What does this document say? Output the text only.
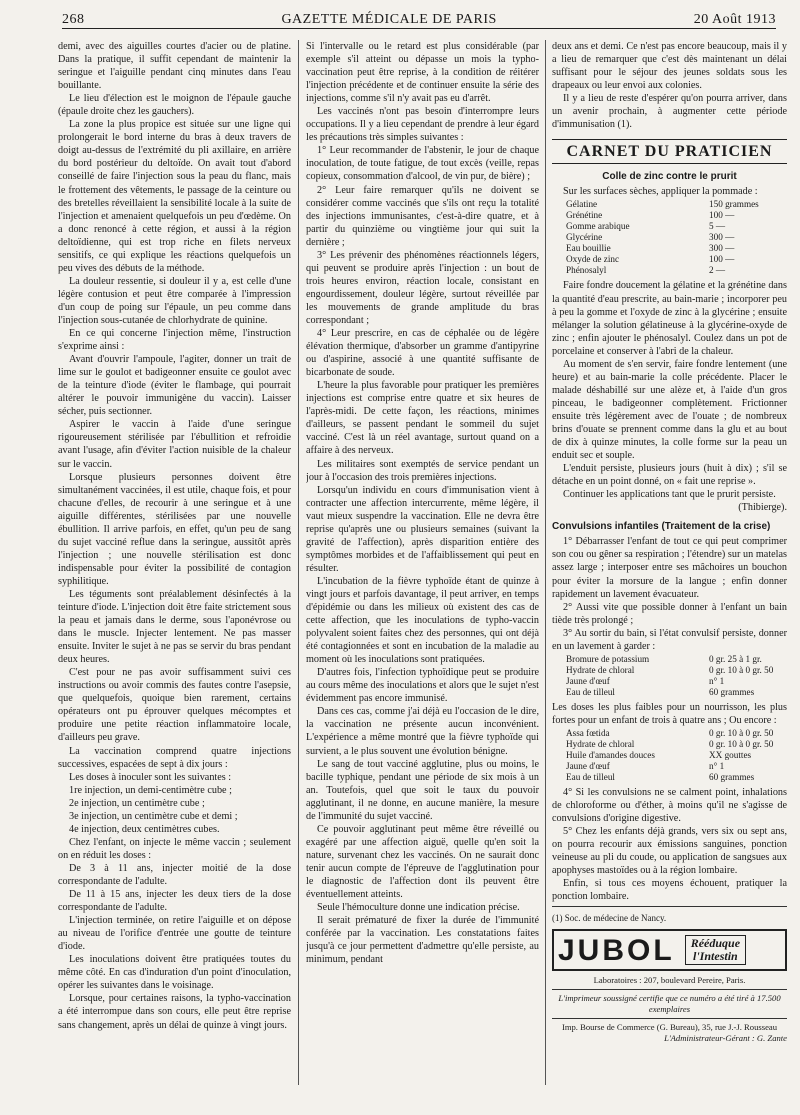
268	GAZETTE MÉDICALE DE PARIS	20 Août 1913

demi, avec des aiguilles courtes d'acier ou de platine. Dans la pratique, il suffit cependant de maintenir la seringue et l'aiguille pendant cinq minutes dans l'eau bouillante.

Le lieu d'élection est le moignon de l'épaule gauche (épaule droite chez les gauchers).

La zone la plus propice est située sur une ligne qui prolongerait le bord interne du bras à deux travers de doigt au-dessus de l'extrémité du pli axillaire, en arrière du bord postérieur du deltoïde. On avait tout d'abord conseillé de faire l'injection sous la peau du flanc, mais le frottement des vêtements, le passage de la ceinture ou des bretelles réveillaient la sensibilité locale à la suite de l'injection et amenaient quelquefois un peu d'œdème. On a donc renoncé à cette région, et aussi à la région deltoïdienne, qui est trop riche en filets nerveux sensitifs, ce qui explique les réactions quelquefois un peu vives des débuts de la méthode.

La douleur ressentie, si douleur il y a, est celle d'une légère contusion et peut être comparée à l'impression d'un coup de poing sur l'épaule, un peu comme dans l'injection sous-cutanée de chlorhydrate de quinine.

En ce qui concerne l'injection même, l'instruction s'exprime ainsi :

Avant d'ouvrir l'ampoule, l'agiter, donner un trait de lime sur le goulot et badigeonner ensuite ce goulot avec de la teinture d'iode (éviter le flambage, qui pourrait altérer le pouvoir immunigène du vaccin). Laisser sécher, puis sectionner.

Aspirer le vaccin à l'aide d'une seringue rigoureusement stérilisée par l'ébullition et refroidie avant l'usage, afin d'éviter l'action nuisible de la chaleur sur le vaccin.

Lorsque plusieurs personnes doivent être simultanément vaccinées, il est utile, chaque fois, et pour chacune d'elles, de recourir à une seringue et à une aiguille différentes, stérilisées par une nouvelle ébullition. Il arrive parfois, en effet, qu'un peu de sang du sujet vacciné reflue dans la seringue, aussitôt après l'injection ; une nouvelle stérilisation est donc indispensable pour éviter la possibilité de contagion syphilitique.

Les téguments sont préalablement désinfectés à la teinture d'iode. L'injection doit être faite strictement sous la peau et jamais dans le derme, sous l'aponévrose ou dans le muscle. Injecter lentement. Ne pas masser ensuite. Inviter le sujet à ne pas se servir du bras pendant deux heures.

C'est pour ne pas avoir suffisamment suivi ces instructions ou avoir commis des fautes contre l'asepsie, que quelquefois, quoique bien rarement, certains opérateurs ont pu éprouver quelques mécomptes et produire une petite réaction inflammatoire locale, d'ailleurs peu grave.

La vaccination comprend quatre injections successives, espacées de sept à dix jours :

Les doses à inoculer sont les suivantes :

1re injection, un demi-centimètre cube ;

2e injection, un centimètre cube ;

3e injection, un centimètre cube et demi ;

4e injection, deux centimètres cubes.

Chez l'enfant, on injecte le même vaccin ; seulement on en réduit les doses :

De 3 à 11 ans, injecter moitié de la dose correspondante de l'adulte.

De 11 à 15 ans, injecter les deux tiers de la dose correspondante de l'adulte.

L'injection terminée, on retire l'aiguille et on dépose au niveau de l'orifice d'entrée une goutte de teinture d'iode.

Les inoculations doivent être pratiquées toutes du même côté. En cas d'induration d'un point d'inoculation, opérer les suivantes dans le voisinage.

Lorsque, pour certaines raisons, la typho-vaccination a été interrompue dans son cours, elle peut être reprise sans changement, après un délai de quinze à vingt jours.

Si l'intervalle ou le retard est plus considérable (par exemple s'il atteint ou dépasse un mois la typho-vaccination peut être reprise, à la condition de réitérer l'injection précédente et de continuer ensuite la série des injections, comme s'il n'y avait pas eu d'arrêt.

Les vaccinés n'ont pas besoin d'interrompre leurs occupations. Il y a lieu cependant de prendre à leur égard les précautions très simples suivantes :

1° Leur recommander de l'abstenir, le jour de chaque inoculation, de toute fatigue, de tout excès (veille, repas copieux, consommation d'alcool, de vin pur, de bière) ;

2° Leur faire remarquer qu'ils ne doivent se considérer comme vaccinés que s'ils ont reçu la totalité des injections immunisantes, c'est-à-dire quatre, et à partir du quinzième ou vingtième jour qui suit la dernière ;

3° Les prévenir des phénomènes réactionnels légers, qui peuvent se produire après l'injection : un bout de trois heures environ, réaction locale, consistant en engourdissement, douleur légère, surtout réveillée par les mouvements de grande amplitude du bras correspondant ;

4° Leur prescrire, en cas de céphalée ou de légère élévation thermique, d'absorber un gramme d'antipyrine ou d'aspirine, associé à une quantité suffisante de bicarbonate de soude.

L'heure la plus favorable pour pratiquer les premières injections est comprise entre quatre et six heures de l'après-midi. De cette façon, les réactions, minimes d'ailleurs, se passent pendant le sommeil du sujet vacciné. C'est là un réel avantage, surtout quand on a affaire à des nerveux.

Les militaires sont exemptés de service pendant un jour à l'occasion des trois premières injections.

Lorsqu'un individu en cours d'immunisation vient à contracter une affection intercurrente, même légère, il vaut mieux suspendre la vaccination. Elle ne devra être reprise qu'après une ou plusieurs semaines (suivant la gravité de l'affection), après disparition entière des symptômes morbides et de l'affaiblissement qui peut en résulter.

L'incubation de la fièvre typhoïde étant de quinze à vingt jours et parfois davantage, il peut arriver, en temps d'épidémie ou dans les milieux où existent des cas de cette affection, que les inoculations de typho-vaccin polyvalent soient faites chez des personnes, qui ont déjà été contagionnées et sont en incubation de la maladie au moment où les inoculations sont pratiquées.

D'autres fois, l'infection typhoïdique peut se produire au cours même des inoculations et alors que le sujet n'est évidemment pas encore immunisé.

Dans ces cas, comme j'ai déjà eu l'occasion de le dire, la vaccination ne présente aucun inconvénient. L'expérience a même montré que la fièvre typhoïde qui survient, a le plus souvent une évolution bénigne.

Le sang de tout vacciné agglutine, plus ou moins, le bacille typhique, pendant une période de six mois à un an. Toutefois, quel que soit le taux du pouvoir agglutinant, il ne donne, en aucune manière, la mesure de l'immunité du sujet vacciné.

Ce pouvoir agglutinant peut même être réveillé ou exagéré par une affection aiguë, quelle qu'en soit la nature, survenant chez les vaccinés. On ne saurait donc tenir aucun compte de l'épreuve de l'agglutination pour le diagnostic de l'affection dont ils peuvent être éventuellement atteints.

Seule l'hémoculture donne une indication précise.

Il serait prématuré de fixer la durée de l'immunité conférée par la vaccination. Les constatations faites jusqu'à ce jour permettent d'admettre qu'elle persiste, au minimum, pendant

deux ans et demi. Ce n'est pas encore beaucoup, mais il y a lieu de remarquer que c'est dès maintenant un délai suffisant pour le séjour des jeunes soldats sous les drapeaux ou leur envoi aux colonies.

Il y a lieu de reste d'espérer qu'on pourra arriver, dans un avenir prochain, à augmenter cette période d'immunisation (1).

CARNET DU PRATICIEN
Colle de zinc contre le prurit

Sur les surfaces sèches, appliquer la pommade :

Gélatine	150 grammes
Grénétine	100 —
Gomme arabique	5 —
Glycérine	300 —
Eau bouillie	300 —
Oxyde de zinc	100 —
Phénosalyl	2 —

Faire fondre doucement la gélatine et la grénétine dans la quantité d'eau prescrite, au bain-marie ; incorporer peu à peu la gomme et l'oxyde de zinc à la glycérine ; ensuite mélanger la solution gélatineuse à la glycérine-oxyde de zinc ; enfin ajouter le phénosalyl. Coulez dans un pot de porcelaine et conserver à l'abri de la chaleur.

Au moment de s'en servir, faire fondre lentement (une heure) et au bain-marie la colle précédente. Placer le malade déshabillé sur une alèze et, à l'aide d'un gros pinceau, le badigeonner complètement. Frictionner ensuite très légèrement avec de l'ouate ; de nombreux brins d'ouate se prennent comme dans la glu et au bout de dix à quinze minutes, la colle forme sur la peau un enduit sec et souple.

L'enduit persiste, plusieurs jours (huit à dix) ; s'il se détache en un point donné, on « fait une reprise ».

Continuer les applications tant que le prurit persiste.

(Thibierge).
Convulsions infantiles (Traitement de la crise)

1° Débarrasser l'enfant de tout ce qui peut comprimer son cou ou gêner sa respiration ; l'étendre) sur un matelas assez large ; interposer entre ses mâchoires un bouchon pour éviter la morsure de la langue ; enfin donner rapidement un lavement évacuateur.

2° Aussi vite que possible donner à l'enfant un bain tiède très prolongé ;

3° Au sortir du bain, si l'état convulsif persiste, donner en un lavement à garder :

Bromure de potassium	0 gr. 25 à 1 gr.
Hydrate de chloral	0 gr. 10 à 0 gr. 50
Jaune d'œuf	n° 1
Eau de tilleul	60 grammes

Les doses les plus faibles pour un nourrisson, les plus fortes pour un enfant de trois à quatre ans ; Ou encore :

Assa fœtida	0 gr. 10 à 0 gr. 50
Hydrate de chloral	0 gr. 10 à 0 gr. 50
Huile d'amandes douces	XX gouttes
Jaune d'œuf	n° 1
Eau de tilleul	60 grammes

4° Si les convulsions ne se calment point, inhalations de chloroforme ou d'éther, à moins qu'il ne s'agisse de convulsions d'origine digestive.

5° Chez les enfants déjà grands, vers six ou sept ans, on pourra recourir aux émissions sanguines, ponction veineuse au pli du coude, ou application de sangsues aux apophyses mastoïdes ou à la région lombaire.

Enfin, si tous ces moyens échouent, pratiquer la ponction lombaire.

(1) Soc. de médecine de Nancy.
JUBOL	Rééduque
l'Intestin
Laboratoires : 207, boulevard Pereire, Paris.
L'imprimeur soussigné certifie que ce numéro a été tiré à 17.500 exemplaires
Imp. Bourse de Commerce (G. Bureau), 35, rue J.-J. Rousseau
L'Administrateur-Gérant : G. Zante
